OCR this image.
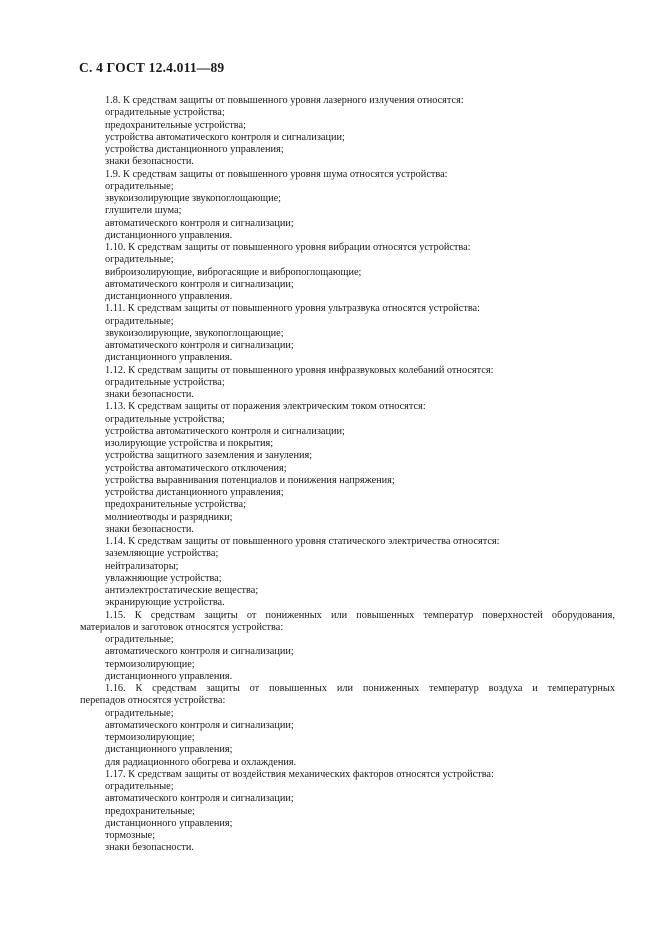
С. 4 ГОСТ 12.4.011—89
1.8. К средствам защиты от повышенного уровня лазерного излучения относятся:
оградительные устройства;
предохранительные устройства;
устройства автоматического контроля и сигнализации;
устройства дистанционного управления;
знаки безопасности.
1.9. К средствам защиты от повышенного уровня шума относятся устройства:
оградительные;
звукоизолирующие звукопоглощающие;
глушители шума;
автоматического контроля и сигнализации;
дистанционного управления.
1.10. К средствам защиты от повышенного уровня вибрации относятся устройства:
оградительные;
виброизолирующие, виброгасящие и вибропоглощающие;
автоматического контроля и сигнализации;
дистанционного управления.
1.11. К средствам защиты от повышенного уровня ультразвука относятся устройства:
оградительные;
звукоизолирующие, звукопоглощающие;
автоматического контроля и сигнализации;
дистанционного управления.
1.12. К средствам защиты от повышенного уровня инфразвуковых колебаний относятся:
оградительные устройства;
знаки безопасности.
1.13. К средствам защиты от поражения электрическим током относятся:
оградительные устройства;
устройства автоматического контроля и сигнализации;
изолирующие устройства и покрытия;
устройства защитного заземления и зануления;
устройства автоматического отключения;
устройства выравнивания потенциалов и понижения напряжения;
устройства дистанционного управления;
предохранительные устройства;
молниеотводы и разрядники;
знаки безопасности.
1.14. К средствам защиты от повышенного уровня статического электричества относятся:
заземляющие устройства;
нейтрализаторы;
увлажняющие устройства;
антиэлектростатические вещества;
экранирующие устройства.
1.15. К средствам защиты от пониженных или повышенных температур поверхностей оборудования,
материалов и заготовок относятся устройства:
оградительные;
автоматического контроля и сигнализации;
термоизолирующие;
дистанционного управления.
1.16. К средствам защиты от повышенных или пониженных температур воздуха и температурных
перепадов относятся устройства:
оградительные;
автоматического контроля и сигнализации;
термоизолирующие;
дистанционного управления;
для радиационного обогрева и охлаждения.
1.17. К средствам защиты от воздействия механических факторов относятся устройства:
оградительные;
автоматического контроля и сигнализации;
предохранительные;
дистанционного управления;
тормозные;
знаки безопасности.
